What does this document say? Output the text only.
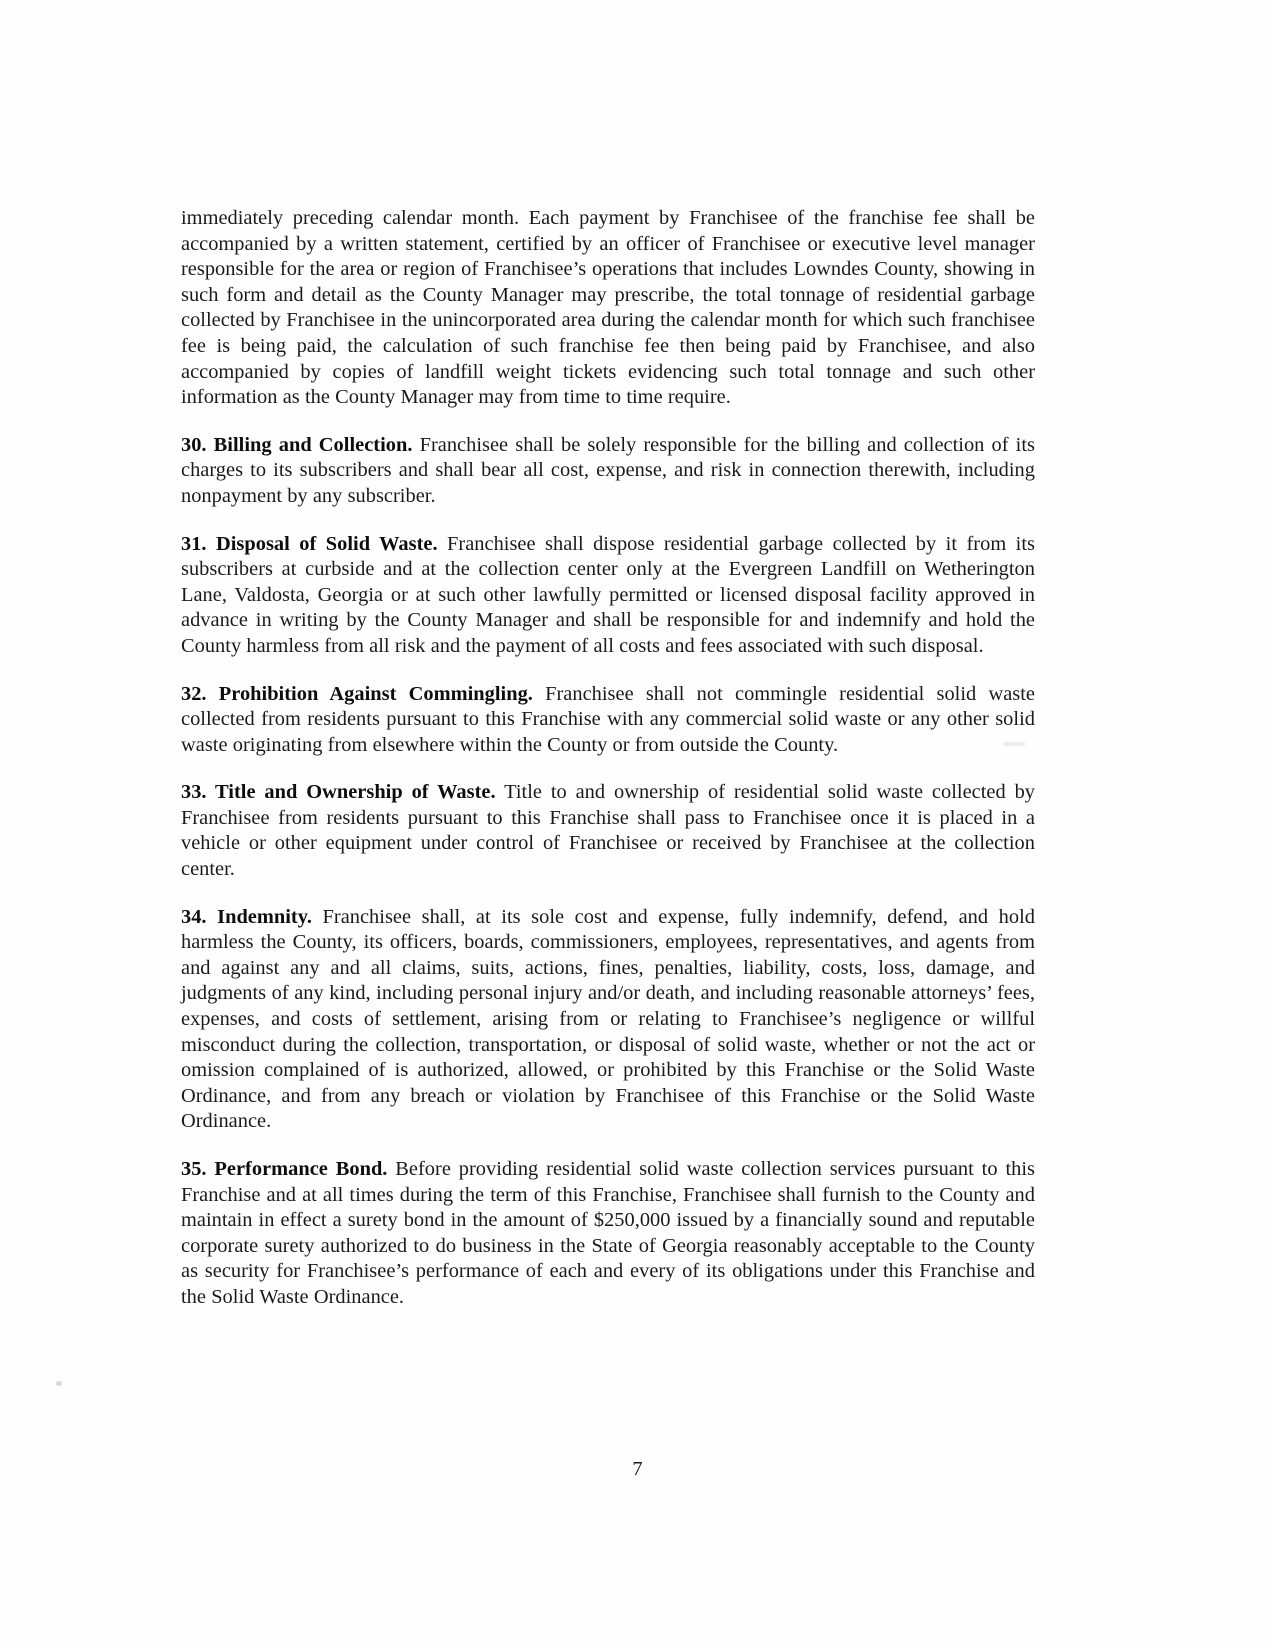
immediately preceding calendar month. Each payment by Franchisee of the franchise fee shall be accompanied by a written statement, certified by an officer of Franchisee or executive level manager responsible for the area or region of Franchisee’s operations that includes Lowndes County, showing in such form and detail as the County Manager may prescribe, the total tonnage of residential garbage collected by Franchisee in the unincorporated area during the calendar month for which such franchisee fee is being paid, the calculation of such franchise fee then being paid by Franchisee, and also accompanied by copies of landfill weight tickets evidencing such total tonnage and such other information as the County Manager may from time to time require.

30. Billing and Collection. Franchisee shall be solely responsible for the billing and collection of its charges to its subscribers and shall bear all cost, expense, and risk in connection therewith, including nonpayment by any subscriber.

31. Disposal of Solid Waste. Franchisee shall dispose residential garbage collected by it from its subscribers at curbside and at the collection center only at the Evergreen Landfill on Wetherington Lane, Valdosta, Georgia or at such other lawfully permitted or licensed disposal facility approved in advance in writing by the County Manager and shall be responsible for and indemnify and hold the County harmless from all risk and the payment of all costs and fees associated with such disposal.

32. Prohibition Against Commingling. Franchisee shall not commingle residential solid waste collected from residents pursuant to this Franchise with any commercial solid waste or any other solid waste originating from elsewhere within the County or from outside the County.

33. Title and Ownership of Waste. Title to and ownership of residential solid waste collected by Franchisee from residents pursuant to this Franchise shall pass to Franchisee once it is placed in a vehicle or other equipment under control of Franchisee or received by Franchisee at the collection center.

34. Indemnity. Franchisee shall, at its sole cost and expense, fully indemnify, defend, and hold harmless the County, its officers, boards, commissioners, employees, representatives, and agents from and against any and all claims, suits, actions, fines, penalties, liability, costs, loss, damage, and judgments of any kind, including personal injury and/or death, and including reasonable attorneys’ fees, expenses, and costs of settlement, arising from or relating to Franchisee’s negligence or willful misconduct during the collection, transportation, or disposal of solid waste, whether or not the act or omission complained of is authorized, allowed, or prohibited by this Franchise or the Solid Waste Ordinance, and from any breach or violation by Franchisee of this Franchise or the Solid Waste Ordinance.

35. Performance Bond. Before providing residential solid waste collection services pursuant to this Franchise and at all times during the term of this Franchise, Franchisee shall furnish to the County and maintain in effect a surety bond in the amount of $250,000 issued by a financially sound and reputable corporate surety authorized to do business in the State of Georgia reasonably acceptable to the County as security for Franchisee’s performance of each and every of its obligations under this Franchise and the Solid Waste Ordinance.

7
